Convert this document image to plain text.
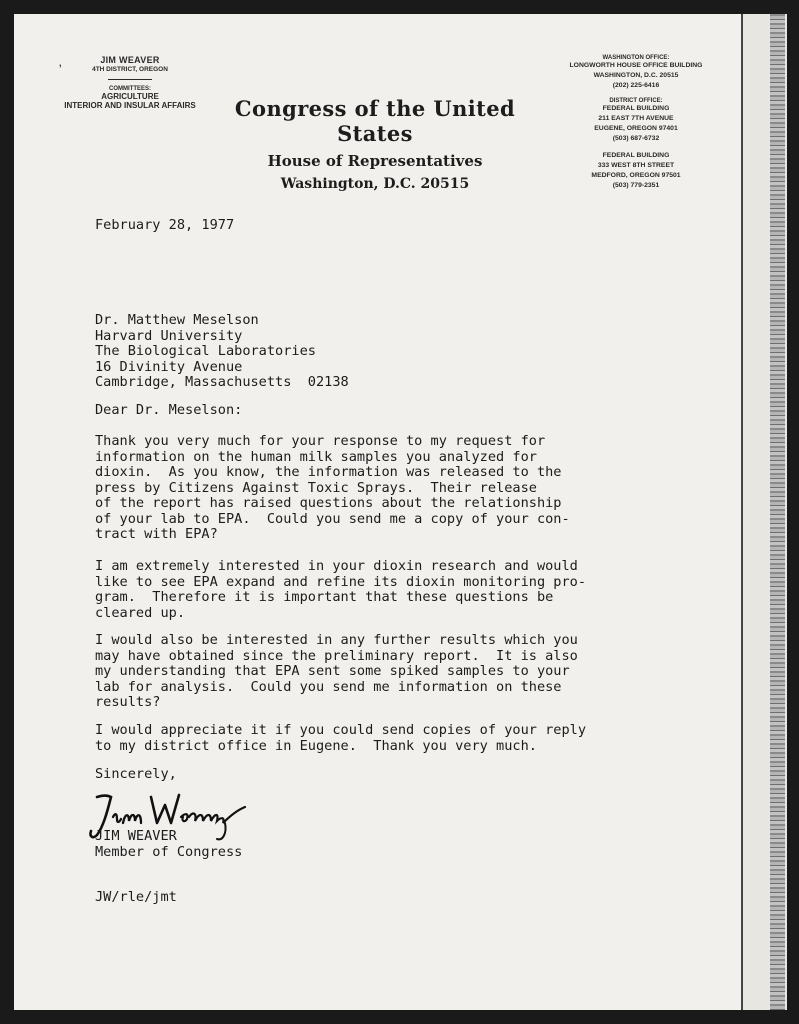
,	JIM WEAVER
4TH DISTRICT, OREGON
COMMITTEES:
AGRICULTURE
INTERIOR AND INSULAR AFFAIRS	Congress of the United States
House of Representatives
Washington, D.C. 20515
WASHINGTON OFFICE:
LONGWORTH HOUSE OFFICE BUILDING
WASHINGTON, D.C. 20515
(202) 225-6416
DISTRICT OFFICE:
FEDERAL BUILDING
211 EAST 7TH AVENUE
EUGENE, OREGON 97401
(503) 687-6732
FEDERAL BUILDING
333 WEST 8TH STREET
MEDFORD, OREGON 97501
(503) 779-2351
February 28, 1977
Dr. Matthew Meselson
Harvard University
The Biological Laboratories
16 Divinity Avenue
Cambridge, Massachusetts  02138
Dear Dr. Meselson:
Thank you very much for your response to my request for
information on the human milk samples you analyzed for
dioxin.  As you know, the information was released to the
press by Citizens Against Toxic Sprays.  Their release
of the report has raised questions about the relationship
of your lab to EPA.  Could you send me a copy of your con-
tract with EPA?
I am extremely interested in your dioxin research and would
like to see EPA expand and refine its dioxin monitoring pro-
gram.  Therefore it is important that these questions be
cleared up.
I would also be interested in any further results which you
may have obtained since the preliminary report.  It is also
my understanding that EPA sent some spiked samples to your
lab for analysis.  Could you send me information on these
results?
I would appreciate it if you could send copies of your reply
to my district office in Eugene.  Thank you very much.
Sincerely,
JIM WEAVER
Member of Congress
JW/rle/jmt
